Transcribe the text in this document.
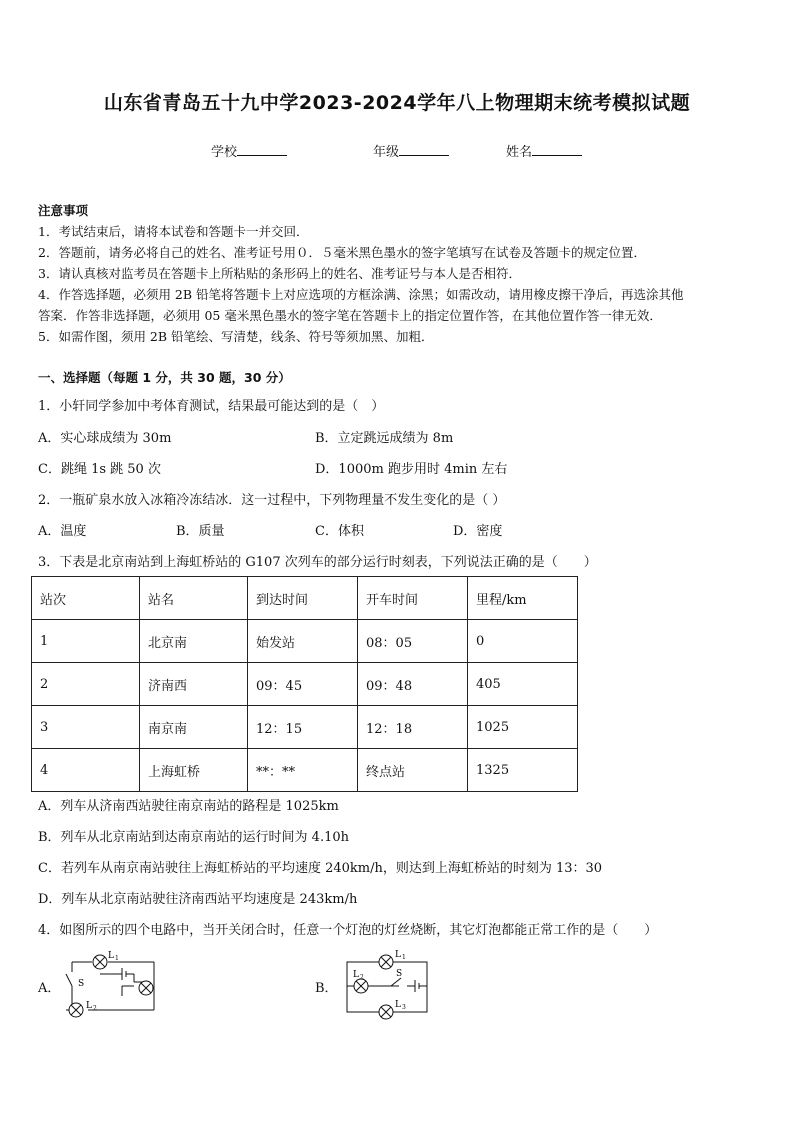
山东省青岛五十九中学2023-2024学年八上物理期末统考模拟试题
学校	年级	姓名
注意事项
1．考试结束后，请将本试卷和答题卡一并交回．
2．答题前，请务必将自己的姓名、准考证号用０．５毫米黑色墨水的签字笔填写在试卷及答题卡的规定位置．
3．请认真核对监考员在答题卡上所粘贴的条形码上的姓名、准考证号与本人是否相符．
4．作答选择题，必须用 2B 铅笔将答题卡上对应选项的方框涂满、涂黑；如需改动，请用橡皮擦干净后，再选涂其他
答案．作答非选择题，必须用 05 毫米黑色墨水的签字笔在答题卡上的指定位置作答，在其他位置作答一律无效．
5．如需作图，须用 2B 铅笔绘、写清楚，线条、符号等须加黑、加粗．
一、选择题（每题 1 分，共 30 题，30 分）
1．小轩同学参加中考体育测试，结果最可能达到的是（　）
A．实心球成绩为 30m	B．立定跳远成绩为 8m
C．跳绳 1s 跳 50 次	D．1000m 跑步用时 4min 左右
2．一瓶矿泉水放入冰箱冷冻结冰．这一过程中，下列物理量不发生变化的是（ ）
A．温度	B．质量	C．体积	D．密度
3．下表是北京南站到上海虹桥站的 G107 次列车的部分运行时刻表，下列说法正确的是（　　）
站次	站名	到达时间	开车时间	里程/km
1	北京南	始发站	08：05	0
2	济南西	09：45	09：48	405
3	南京南	12：15	12：18	1025
4	上海虹桥	**：**	终点站	1325
A．列车从济南西站驶往南京南站的路程是 1025km
B．列车从北京南站到达南京南站的运行时间为 4.10h
C．若列车从南京南站驶往上海虹桥站的平均速度 240km/h，则达到上海虹桥站的时刻为 13：30
D．列车从北京南站驶往济南西站平均速度是 243km/h
4．如图所示的四个电路中，当开关闭合时，任意一个灯泡的灯丝烧断，其它灯泡都能正常工作的是（　　）
A．	B．
L 1
S
L 2
L 1
L 2	S
L 3
